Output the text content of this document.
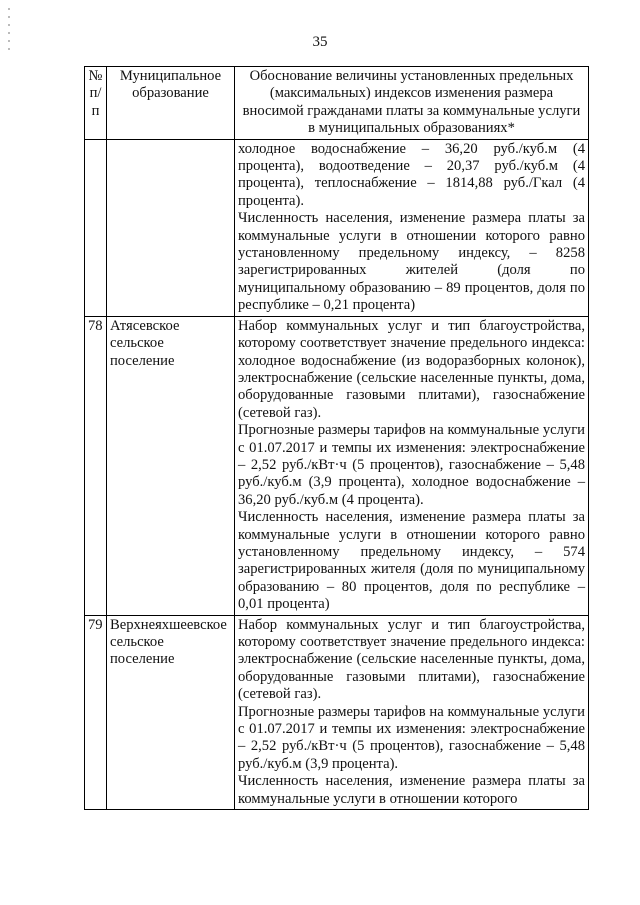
35
№ п/п	Муниципальное образование	Обоснование величины установленных предельных (максимальных) индексов изменения размера вносимой гражданами платы за коммунальные услуги в муниципальных образованиях*

		холодное водоснабжение – 36,20 руб./куб.м (4 процента), водоотведение – 20,37 руб./куб.м (4 процента), теплоснабжение – 1814,88 руб./Гкал (4 процента).

Численность населения, изменение размера платы за коммунальные услуги в отношении которого равно установленному предельному индексу, – 8258 зарегистрированных жителей (доля по муниципальному образованию – 89 процентов, доля по республике – 0,21 процента)

78	Атясевское сельское поселение	Набор коммунальных услуг и тип благоустройства, которому соответствует значение предельного индекса: холодное водоснабжение (из водоразборных колонок), электроснабжение (сельские населенные пункты, дома, оборудованные газовыми плитами), газоснабжение (сетевой газ).

Прогнозные размеры тарифов на коммунальные услуги с 01.07.2017 и темпы их изменения: электроснабжение – 2,52 руб./кВт·ч (5 процентов), газоснабжение – 5,48 руб./куб.м (3,9 процента), холодное водоснабжение – 36,20 руб./куб.м (4 процента).

Численность населения, изменение размера платы за коммунальные услуги в отношении которого равно установленному предельному индексу, – 574 зарегистрированных жителя (доля по муниципальному образованию – 80 процентов, доля по республике – 0,01 процента)

79	Верхнеяхшеевское сельское поселение	Набор коммунальных услуг и тип благоустройства, которому соответствует значение предельного индекса: электроснабжение (сельские населенные пункты, дома, оборудованные газовыми плитами), газоснабжение (сетевой газ).

Прогнозные размеры тарифов на коммунальные услуги с 01.07.2017 и темпы их изменения: электроснабжение – 2,52 руб./кВт·ч (5 процентов), газоснабжение – 5,48 руб./куб.м (3,9 процента).

Численность населения, изменение размера платы за коммунальные услуги в отношении которого
